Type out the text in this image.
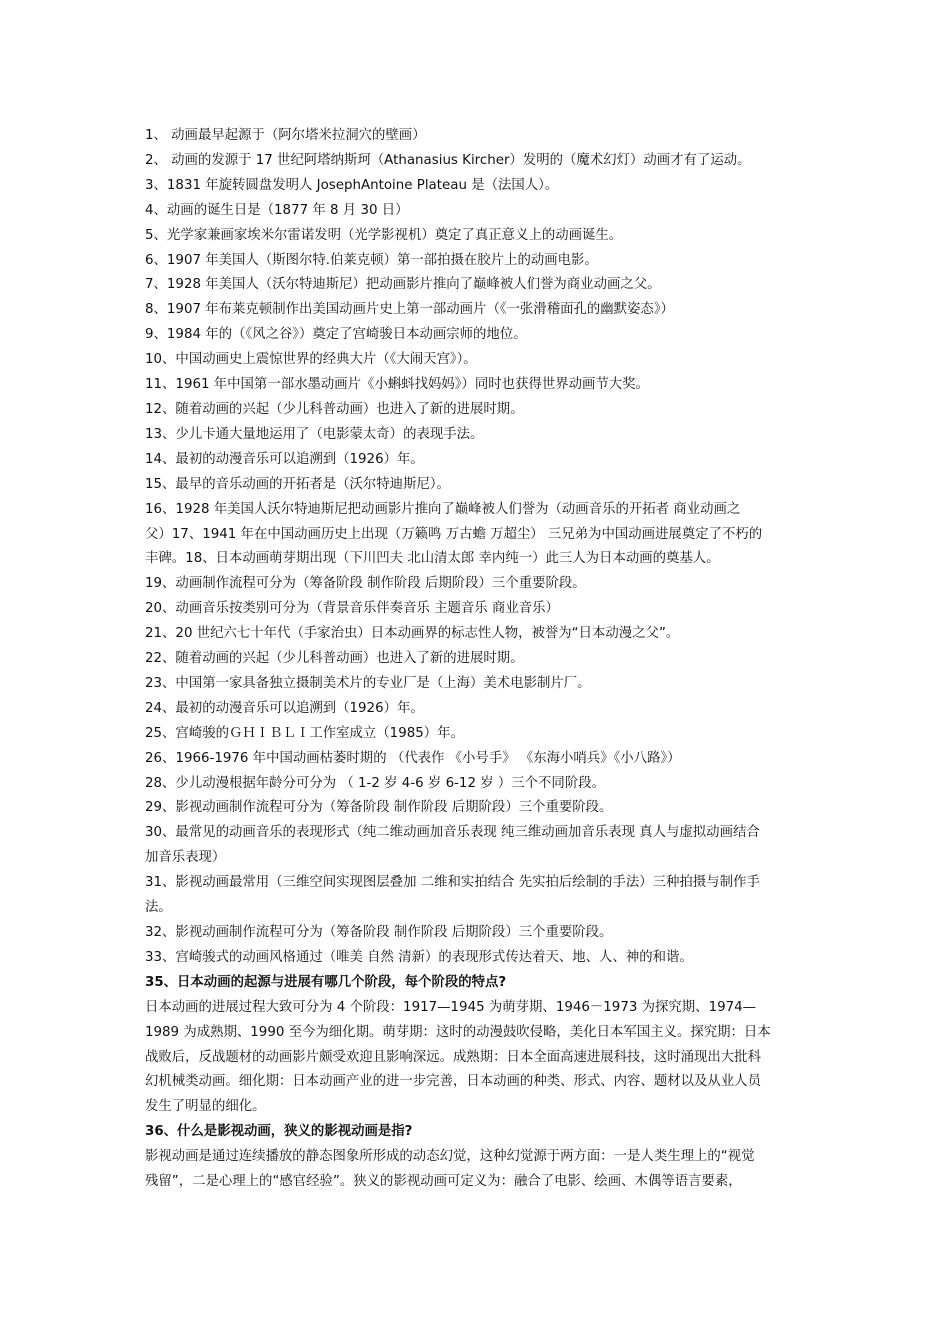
1、 动画最早起源于（阿尔塔米拉洞穴的壁画）

2、 动画的发源于 17 世纪阿塔纳斯珂（Athanasius Kircher）发明的（魔术幻灯）动画才有了运动。

3、1831 年旋转圆盘发明人 JosephAntoine Plateau 是（法国人）。

4、动画的诞生日是（1877 年 8 月 30 日）

5、光学家兼画家埃米尔雷诺发明（光学影视机）奠定了真正意义上的动画诞生。

6、1907 年美国人（斯图尔特.伯莱克顿）第一部拍摄在胶片上的动画电影。

7、1928 年美国人（沃尔特迪斯尼）把动画影片推向了巅峰被人们誉为商业动画之父。

8、1907 年布莱克顿制作出美国动画片史上第一部动画片（《一张滑稽面孔的幽默姿态》）

9、1984 年的（《风之谷》）奠定了宫崎骏日本动画宗师的地位。

10、中国动画史上震惊世界的经典大片（《大闹天宫》）。

11、1961 年中国第一部水墨动画片《小蝌蚪找妈妈》）同时也获得世界动画节大奖。

12、随着动画的兴起（少儿科普动画）也进入了新的进展时期。

13、少儿卡通大量地运用了（电影蒙太奇）的表现手法。

14、最初的动漫音乐可以追溯到（1926）年。

15、最早的音乐动画的开拓者是（沃尔特迪斯尼）。

16、1928 年美国人沃尔特迪斯尼把动画影片推向了巅峰被人们誉为（动画音乐的开拓者 商业动画之

父）17、1941 年在中国动画历史上出现（万籁鸣 万古蟾 万超尘） 三兄弟为中国动画进展奠定了不朽的

丰碑。18、日本动画萌芽期出现（下川凹夫 北山清太郎 幸内纯一）此三人为日本动画的奠基人。

19、动画制作流程可分为（筹备阶段 制作阶段 后期阶段）三个重要阶段。

20、动画音乐按类别可分为（背景音乐伴奏音乐 主题音乐 商业音乐）

21、20 世纪六七十年代（手家治虫）日本动画界的标志性人物，被誉为“日本动漫之父”。

22、随着动画的兴起（少儿科普动画）也进入了新的进展时期。

23、中国第一家具备独立摄制美术片的专业厂是（上海）美术电影制片厂。

24、最初的动漫音乐可以追溯到（1926）年。

25、宫崎骏的ＧＨＩＢＬＩ工作室成立（1985）年。

26、1966-1976 年中国动画枯萎时期的 （代表作 《小号手》 《东海小哨兵》《小八路》）

28、少儿动漫根据年龄分可分为 （ 1-2 岁 4-6 岁 6-12 岁 ）三个不同阶段。

29、影视动画制作流程可分为（筹备阶段 制作阶段 后期阶段）三个重要阶段。

30、最常见的动画音乐的表现形式（纯二维动画加音乐表现 纯三维动画加音乐表现 真人与虚拟动画结合

加音乐表现）

31、影视动画最常用（三维空间实现图层叠加 二维和实拍结合 先实拍后绘制的手法）三种拍摄与制作手

法。

32、影视动画制作流程可分为（筹备阶段 制作阶段 后期阶段）三个重要阶段。

33、宫崎骏式的动画风格通过（唯美 自然 清新）的表现形式传达着天、地、人、神的和谐。

35、日本动画的起源与进展有哪几个阶段，每个阶段的特点?

日本动画的进展过程大致可分为 4 个阶段：1917—1945 为萌芽期、1946－1973 为探究期、1974—

1989 为成熟期、1990 至今为细化期。萌芽期：这时的动漫鼓吹侵略，美化日本军国主义。探究期：日本

战败后，反战题材的动画影片颇受欢迎且影响深远。成熟期：日本全面高速进展科技，这时涌现出大批科

幻机械类动画。细化期：日本动画产业的进一步完善，日本动画的种类、形式、内容、题材以及从业人员

发生了明显的细化。

36、什么是影视动画，狭义的影视动画是指?

影视动画是通过连续播放的静态图象所形成的动态幻觉，这种幻觉源于两方面：一是人类生理上的“视觉

残留”，二是心理上的“感官经验”。狭义的影视动画可定义为：融合了电影、绘画、木偶等语言要素，
